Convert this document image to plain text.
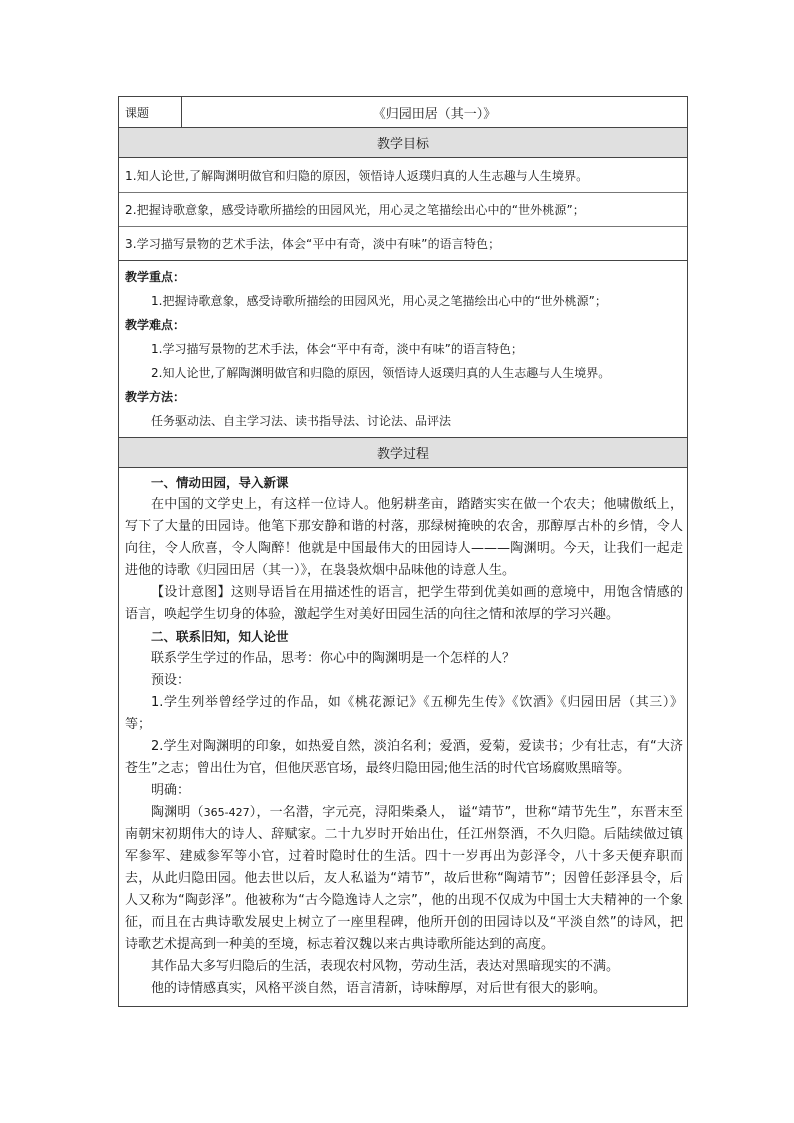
课题	《归园田居（其一）》
教学目标
1.知人论世,了解陶渊明做官和归隐的原因，领悟诗人返璞归真的人生志趣与人生境界。
2.把握诗歌意象，感受诗歌所描绘的田园风光，用心灵之笔描绘出心中的“世外桃源”；
3.学习描写景物的艺术手法，体会“平中有奇，淡中有味”的语言特色；
教学重点：
1.把握诗歌意象，感受诗歌所描绘的田园风光，用心灵之笔描绘出心中的“世外桃源”；
教学难点：
1.学习描写景物的艺术手法，体会“平中有奇，淡中有味”的语言特色；
2.知人论世,了解陶渊明做官和归隐的原因，领悟诗人返璞归真的人生志趣与人生境界。
教学方法：
任务驱动法、自主学习法、读书指导法、讨论法、品评法
教学过程

一、情动田园，导入新课

在中国的文学史上，有这样一位诗人。他躬耕垄亩，踏踏实实在做一个农夫；他啸傲纸上，写下了大量的田园诗。他笔下那安静和谐的村落，那绿树掩映的农舍，那醇厚古朴的乡情，令人向往，令人欣喜，令人陶醉！他就是中国最伟大的田园诗人———陶渊明。今天，让我们一起走进他的诗歌《归园田居（其一）》，在袅袅炊烟中品味他的诗意人生。

【设计意图】这则导语旨在用描述性的语言，把学生带到优美如画的意境中，用饱含情感的语言，唤起学生切身的体验，激起学生对美好田园生活的向往之情和浓厚的学习兴趣。

二、联系旧知，知人论世

联系学生学过的作品，思考：你心中的陶渊明是一个怎样的人？

预设：

1.学生列举曾经学过的作品，如《桃花源记》《五柳先生传》《饮酒》《归园田居（其三）》等；

2.学生对陶渊明的印象，如热爱自然，淡泊名利；爱酒，爱菊，爱读书；少有壮志，有“大济苍生”之志；曾出仕为官，但他厌恶官场，最终归隐田园;他生活的时代官场腐败黑暗等。

明确：

陶渊明（365-427），一名潜，字元亮，浔阳柴桑人， 谥“靖节”，世称“靖节先生”，东晋末至南朝宋初期伟大的诗人、辞赋家。二十九岁时开始出仕，任江州祭酒，不久归隐。后陆续做过镇军参军、建威参军等小官，过着时隐时仕的生活。四十一岁再出为彭泽令，八十多天便弃职而去，从此归隐田园。他去世以后，友人私谥为“靖节”，故后世称“陶靖节”；因曾任彭泽县令，后人又称为“陶彭泽”。他被称为“古今隐逸诗人之宗”，他的出现不仅成为中国士大夫精神的一个象征，而且在古典诗歌发展史上树立了一座里程碑，他所开创的田园诗以及“平淡自然”的诗风，把诗歌艺术提高到一种美的至境，标志着汉魏以来古典诗歌所能达到的高度。

其作品大多写归隐后的生活，表现农村风物，劳动生活，表达对黑暗现实的不满。

他的诗情感真实，风格平淡自然，语言清新，诗味醇厚，对后世有很大的影响。
